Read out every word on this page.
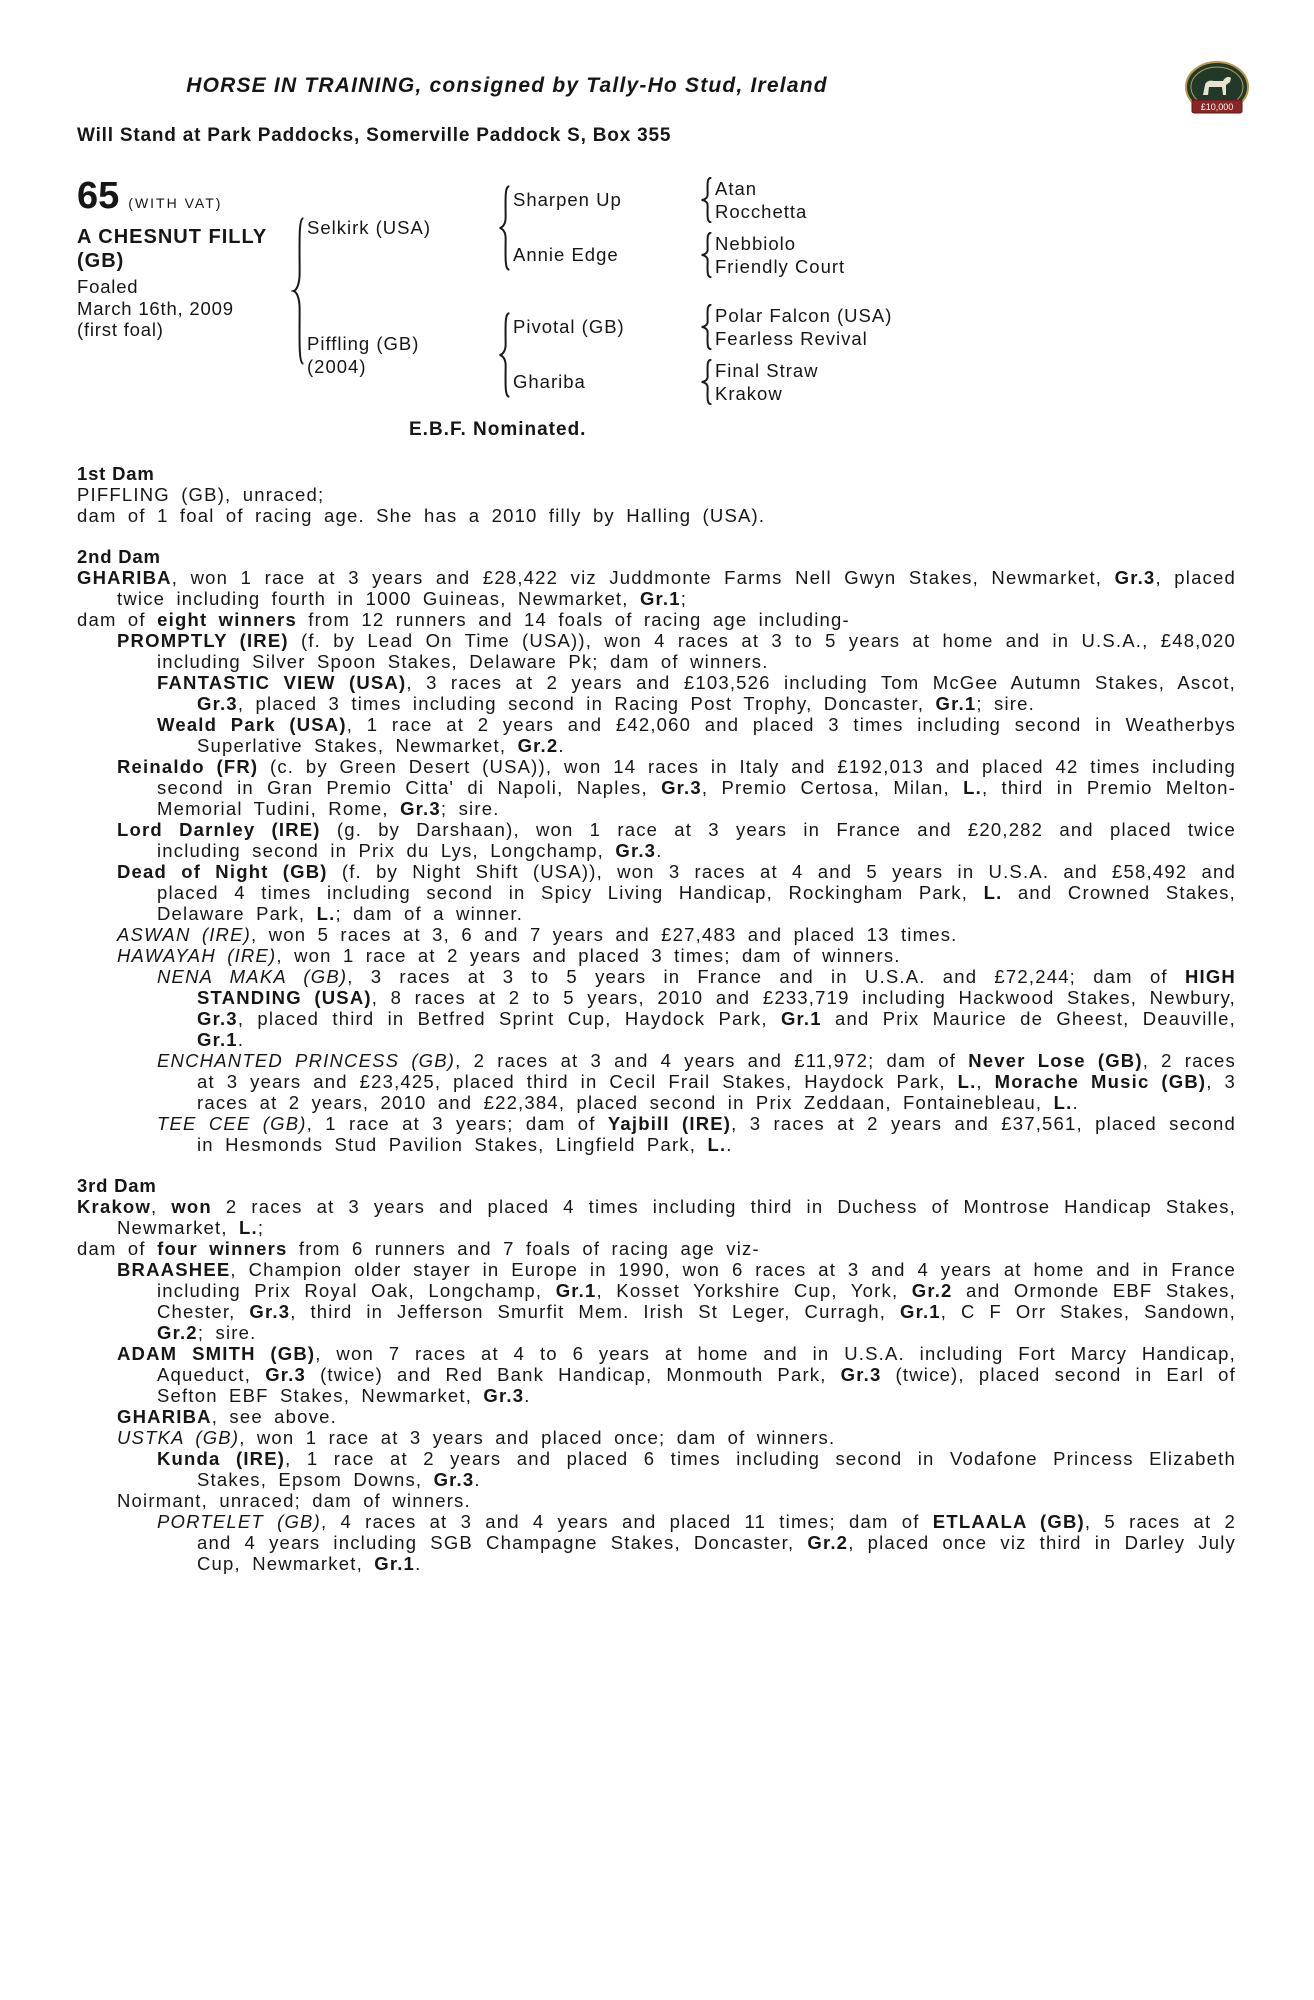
HORSE IN TRAINING, consigned by Tally-Ho Stud, Ireland
£10,000
Will Stand at Park Paddocks, Somerville Paddock S, Box 355
65 (WITH VAT)
A CHESNUT FILLY
(GB)
Foaled
March 16th, 2009
(first foal)
Selkirk (USA)
Sharpen Up
Atan
Rocchetta
Annie Edge
Nebbiolo
Friendly Court
Piffling (GB)
(2004)
Pivotal (GB)
Polar Falcon (USA)
Fearless Revival
Ghariba
Final Straw
Krakow
E.B.F. Nominated.
1st Dam
PIFFLING (GB), unraced;
dam of 1 foal of racing age. She has a 2010 filly by Halling (USA).
2nd Dam
GHARIBA, won 1 race at 3 years and £28,422 viz Juddmonte Farms Nell Gwyn Stakes, Newmarket, Gr.3, placed twice including fourth in 1000 Guineas, Newmarket, Gr.1;
dam of eight winners from 12 runners and 14 foals of racing age including-
PROMPTLY (IRE) (f. by Lead On Time (USA)), won 4 races at 3 to 5 years at home and in U.S.A., £48,020 including Silver Spoon Stakes, Delaware Pk; dam of winners.
FANTASTIC VIEW (USA), 3 races at 2 years and £103,526 including Tom McGee Autumn Stakes, Ascot, Gr.3, placed 3 times including second in Racing Post Trophy, Doncaster, Gr.1; sire.
Weald Park (USA), 1 race at 2 years and £42,060 and placed 3 times including second in Weatherbys Superlative Stakes, Newmarket, Gr.2.
Reinaldo (FR) (c. by Green Desert (USA)), won 14 races in Italy and £192,013 and placed 42 times including second in Gran Premio Citta' di Napoli, Naples, Gr.3, Premio Certosa, Milan, L., third in Premio Melton-Memorial Tudini, Rome, Gr.3; sire.
Lord Darnley (IRE) (g. by Darshaan), won 1 race at 3 years in France and £20,282 and placed twice including second in Prix du Lys, Longchamp, Gr.3.
Dead of Night (GB) (f. by Night Shift (USA)), won 3 races at 4 and 5 years in U.S.A. and £58,492 and placed 4 times including second in Spicy Living Handicap, Rockingham Park, L. and Crowned Stakes, Delaware Park, L.; dam of a winner.
ASWAN (IRE), won 5 races at 3, 6 and 7 years and £27,483 and placed 13 times.
HAWAYAH (IRE), won 1 race at 2 years and placed 3 times; dam of winners.
NENA MAKA (GB), 3 races at 3 to 5 years in France and in U.S.A. and £72,244; dam of HIGH STANDING (USA), 8 races at 2 to 5 years, 2010 and £233,719 including Hackwood Stakes, Newbury, Gr.3, placed third in Betfred Sprint Cup, Haydock Park, Gr.1 and Prix Maurice de Gheest, Deauville, Gr.1.
ENCHANTED PRINCESS (GB), 2 races at 3 and 4 years and £11,972; dam of Never Lose (GB), 2 races at 3 years and £23,425, placed third in Cecil Frail Stakes, Haydock Park, L., Morache Music (GB), 3 races at 2 years, 2010 and £22,384, placed second in Prix Zeddaan, Fontainebleau, L..
TEE CEE (GB), 1 race at 3 years; dam of Yajbill (IRE), 3 races at 2 years and £37,561, placed second in Hesmonds Stud Pavilion Stakes, Lingfield Park, L..
3rd Dam
Krakow, won 2 races at 3 years and placed 4 times including third in Duchess of Montrose Handicap Stakes, Newmarket, L.;
dam of four winners from 6 runners and 7 foals of racing age viz-
BRAASHEE, Champion older stayer in Europe in 1990, won 6 races at 3 and 4 years at home and in France including Prix Royal Oak, Longchamp, Gr.1, Kosset Yorkshire Cup, York, Gr.2 and Ormonde EBF Stakes, Chester, Gr.3, third in Jefferson Smurfit Mem. Irish St Leger, Curragh, Gr.1, C F Orr Stakes, Sandown, Gr.2; sire.
ADAM SMITH (GB), won 7 races at 4 to 6 years at home and in U.S.A. including Fort Marcy Handicap, Aqueduct, Gr.3 (twice) and Red Bank Handicap, Monmouth Park, Gr.3 (twice), placed second in Earl of Sefton EBF Stakes, Newmarket, Gr.3.
GHARIBA, see above.
USTKA (GB), won 1 race at 3 years and placed once; dam of winners.
Kunda (IRE), 1 race at 2 years and placed 6 times including second in Vodafone Princess Elizabeth Stakes, Epsom Downs, Gr.3.
Noirmant, unraced; dam of winners.
PORTELET (GB), 4 races at 3 and 4 years and placed 11 times; dam of ETLAALA (GB), 5 races at 2 and 4 years including SGB Champagne Stakes, Doncaster, Gr.2, placed once viz third in Darley July Cup, Newmarket, Gr.1.
